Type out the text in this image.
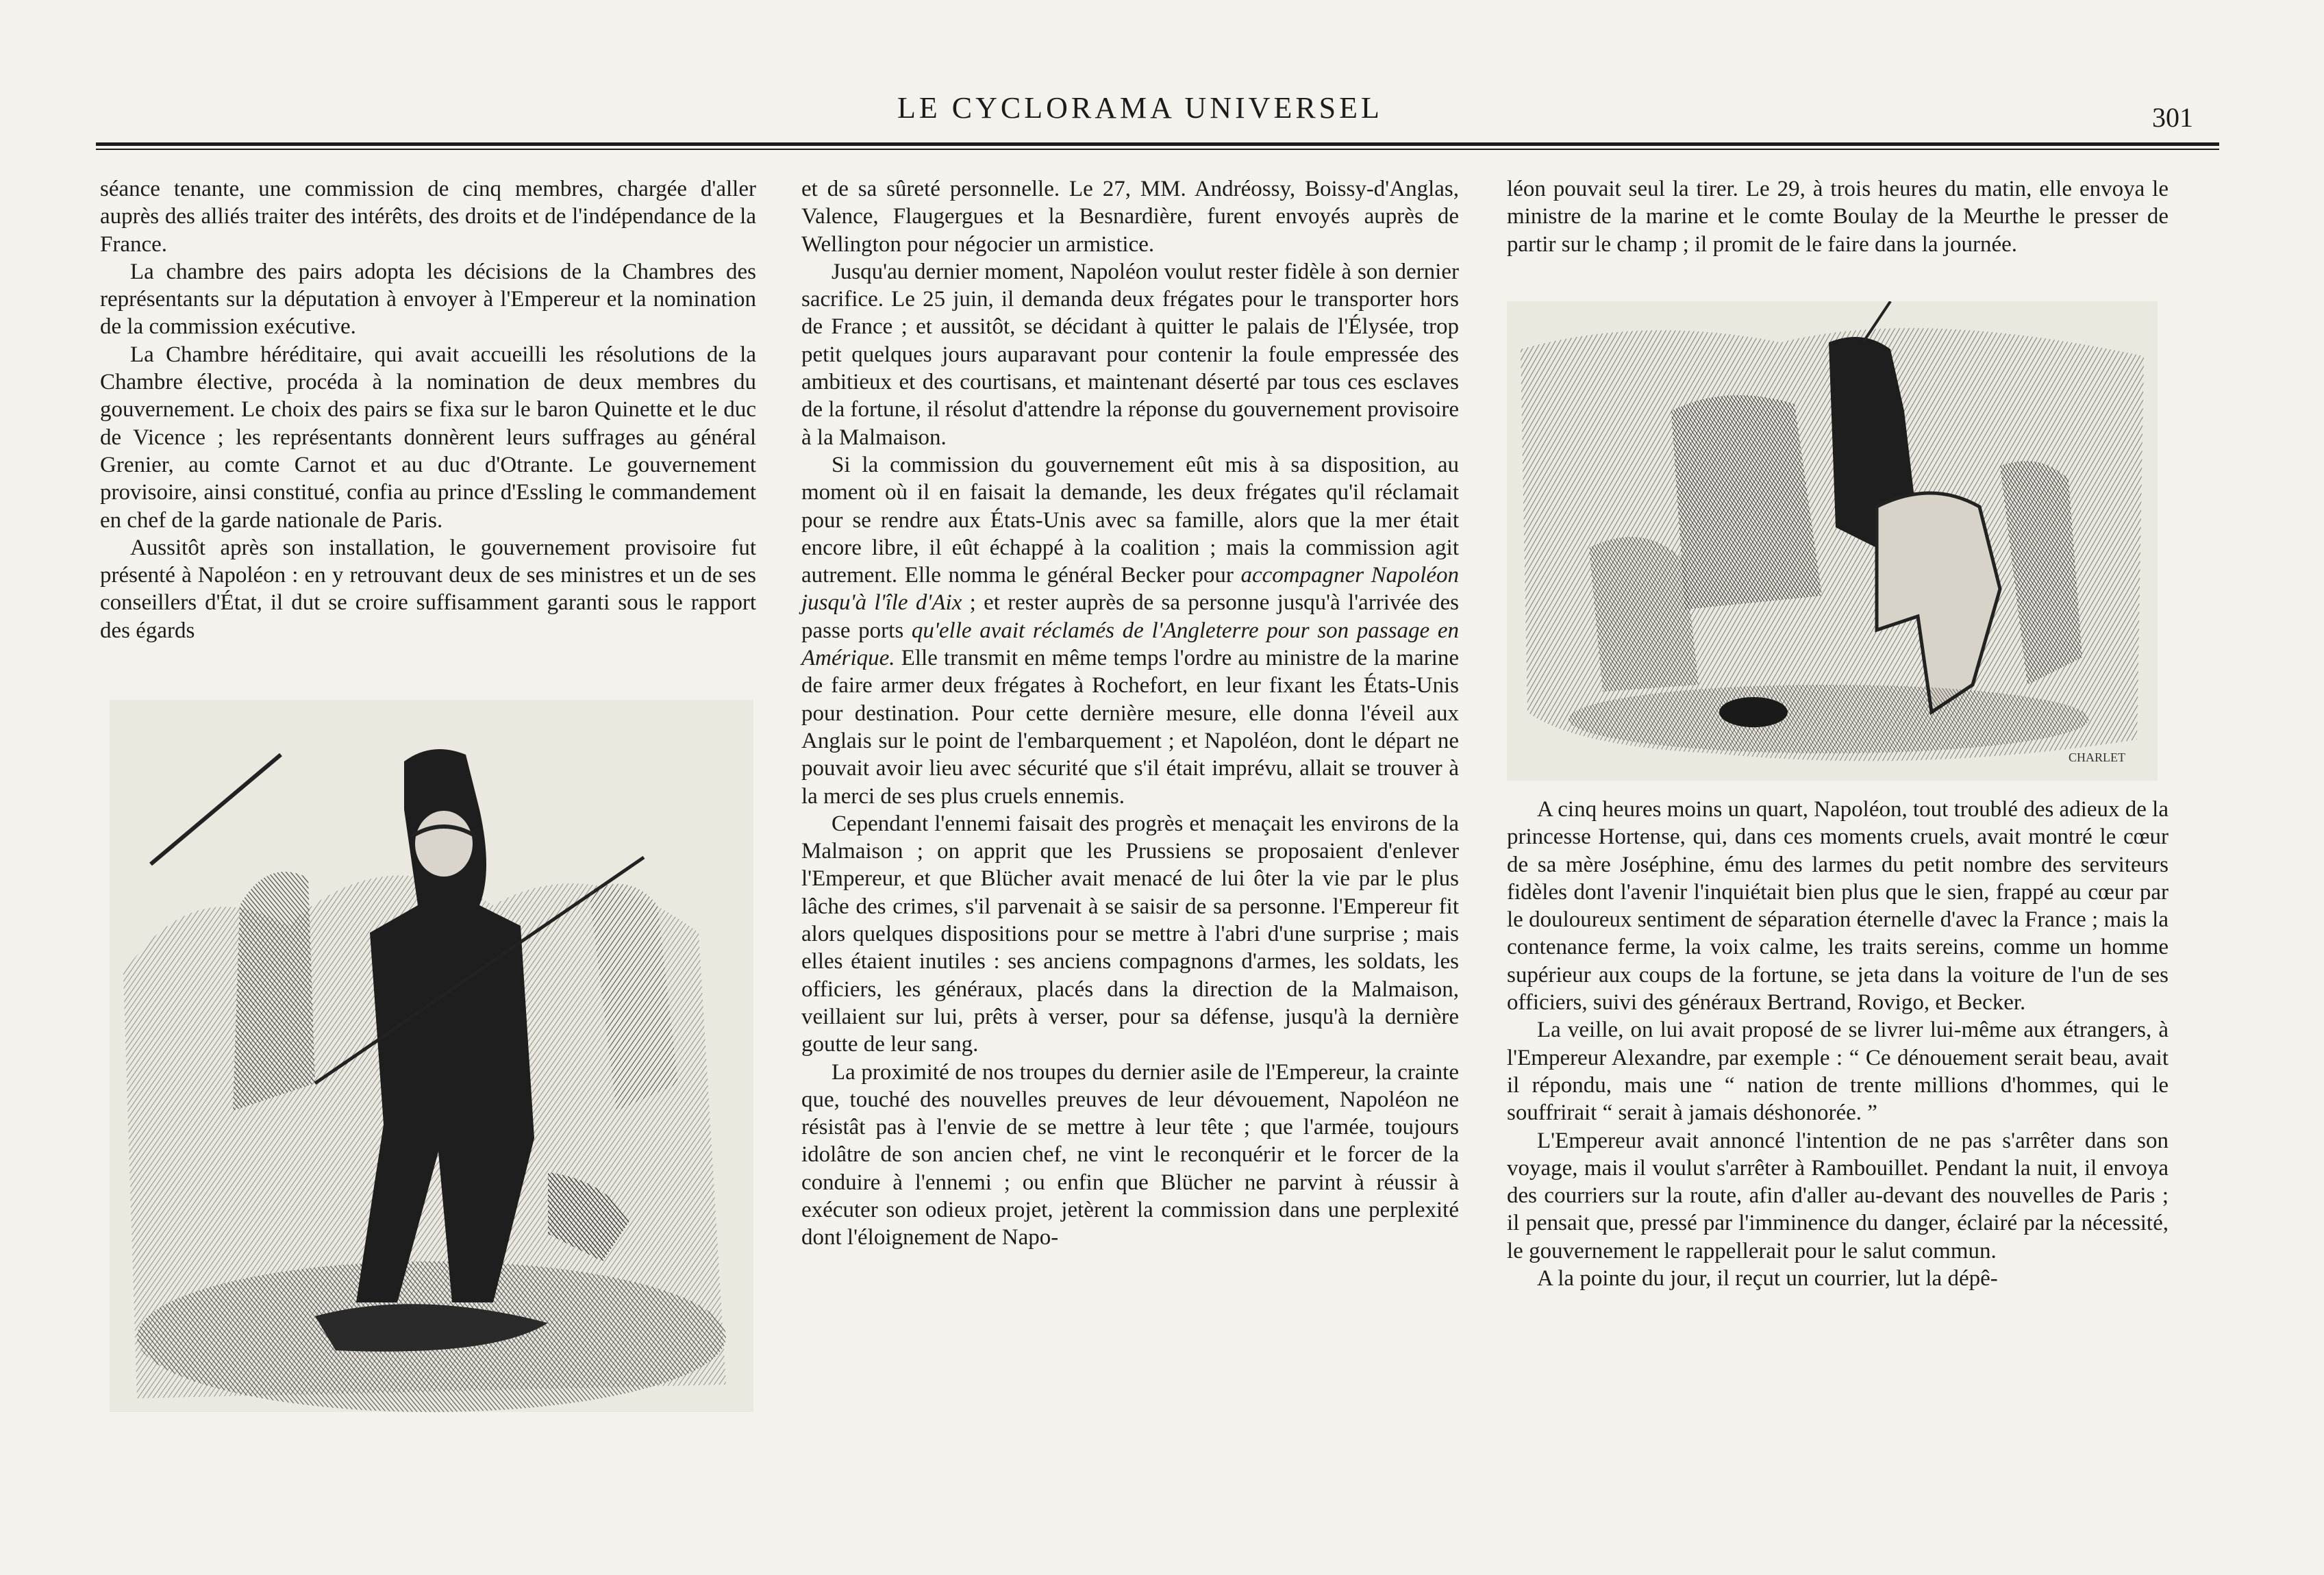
LE CYCLORAMA UNIVERSEL	301

séance tenante, une commission de cinq membres, chargée d'aller auprès des alliés traiter des intérêts, des droits et de l'indépendance de la France.

La chambre des pairs adopta les décisions de la Chambres des représentants sur la députation à envoyer à l'Empereur et la nomination de la commission exécutive.

La Chambre héréditaire, qui avait accueilli les résolutions de la Chambre élective, procéda à la nomination de deux membres du gouvernement. Le choix des pairs se fixa sur le baron Quinette et le duc de Vicence ; les représentants donnèrent leurs suffrages au général Grenier, au comte Carnot et au duc d'Otrante. Le gouvernement provisoire, ainsi constitué, confia au prince d'Essling le commandement en chef de la garde nationale de Paris.

Aussitôt après son installation, le gouvernement provisoire fut présenté à Napoléon : en y retrouvant deux de ses ministres et un de ses conseillers d'État, il dut se croire suffisamment garanti sous le rapport des égards

et de sa sûreté personnelle. Le 27, MM. Andréossy, Boissy-d'Anglas, Valence, Flaugergues et la Besnardière, furent envoyés auprès de Wellington pour négocier un armistice.

Jusqu'au dernier moment, Napoléon voulut rester fidèle à son dernier sacrifice. Le 25 juin, il demanda deux frégates pour le transporter hors de France ; et aussitôt, se décidant à quitter le palais de l'Élysée, trop petit quelques jours auparavant pour contenir la foule empressée des ambitieux et des courtisans, et maintenant déserté par tous ces esclaves de la fortune, il résolut d'attendre la réponse du gouvernement provisoire à la Malmaison.

Si la commission du gouvernement eût mis à sa disposition, au moment où il en faisait la demande, les deux frégates qu'il réclamait pour se rendre aux États-Unis avec sa famille, alors que la mer était encore libre, il eût échappé à la coalition ; mais la commission agit autrement. Elle nomma le général Becker pour accompagner Napoléon jusqu'à l'île d'Aix ; et rester auprès de sa personne jusqu'à l'arrivée des passe ports qu'elle avait réclamés de l'Angleterre pour son passage en Amérique. Elle transmit en même temps l'ordre au ministre de la marine de faire armer deux frégates à Rochefort, en leur fixant les États-Unis pour destination. Pour cette dernière mesure, elle donna l'éveil aux Anglais sur le point de l'embarquement ; et Napoléon, dont le départ ne pouvait avoir lieu avec sécurité que s'il était imprévu, allait se trouver à la merci de ses plus cruels ennemis.

Cependant l'ennemi faisait des progrès et menaçait les environs de la Malmaison ; on apprit que les Prussiens se proposaient d'enlever l'Empereur, et que Blücher avait menacé de lui ôter la vie par le plus lâche des crimes, s'il parvenait à se saisir de sa personne. l'Empereur fit alors quelques dispositions pour se mettre à l'abri d'une surprise ; mais elles étaient inutiles : ses anciens compagnons d'armes, les soldats, les officiers, les généraux, placés dans la direction de la Malmaison, veillaient sur lui, prêts à verser, pour sa défense, jusqu'à la dernière goutte de leur sang.

La proximité de nos troupes du dernier asile de l'Empereur, la crainte que, touché des nouvelles preuves de leur dévouement, Napoléon ne résistât pas à l'envie de se mettre à leur tête ; que l'armée, toujours idolâtre de son ancien chef, ne vint le reconquérir et le forcer de la conduire à l'ennemi ; ou enfin que Blücher ne parvint à réussir à exécuter son odieux projet, jetèrent la commission dans une perplexité dont l'éloignement de Napo-

léon pouvait seul la tirer. Le 29, à trois heures du matin, elle envoya le ministre de la marine et le comte Boulay de la Meurthe le presser de partir sur le champ ; il promit de le faire dans la journée.

CHARLET

A cinq heures moins un quart, Napoléon, tout troublé des adieux de la princesse Hortense, qui, dans ces moments cruels, avait montré le cœur de sa mère Joséphine, ému des larmes du petit nombre des serviteurs fidèles dont l'avenir l'inquiétait bien plus que le sien, frappé au cœur par le douloureux sentiment de séparation éternelle d'avec la France ; mais la contenance ferme, la voix calme, les traits sereins, comme un homme supérieur aux coups de la fortune, se jeta dans la voiture de l'un de ses officiers, suivi des généraux Bertrand, Rovigo, et Becker.

La veille, on lui avait proposé de se livrer lui-même aux étrangers, à l'Empereur Alexandre, par exemple : “ Ce dénouement serait beau, avait il répondu, mais une “ nation de trente millions d'hommes, qui le souffrirait “ serait à jamais déshonorée. ”

L'Empereur avait annoncé l'intention de ne pas s'arrêter dans son voyage, mais il voulut s'arrêter à Rambouillet. Pendant la nuit, il envoya des courriers sur la route, afin d'aller au-devant des nouvelles de Paris ; il pensait que, pressé par l'imminence du danger, éclairé par la nécessité, le gouvernement le rappellerait pour le salut commun.

A la pointe du jour, il reçut un courrier, lut la dépê-
